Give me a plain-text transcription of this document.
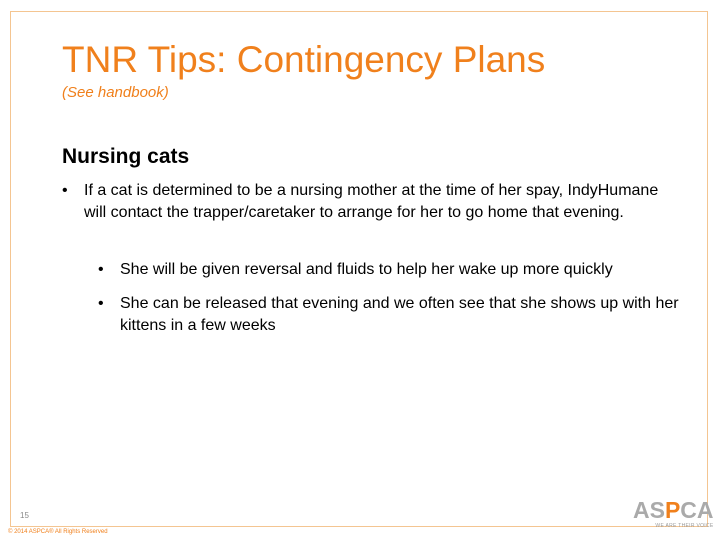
TNR Tips: Contingency Plans
(See handbook)
Nursing cats
• If a cat is determined to be a nursing mother at the time of her spay, IndyHumane will contact the trapper/caretaker to arrange for her to go home that evening.
• She will be given reversal and fluids to help her wake up more quickly
• She can be released that evening and we often see that she shows up with her kittens in a few weeks
15
© 2014 ASPCA® All Rights Reserved
ASPCA
WE ARE THEIR VOICE
